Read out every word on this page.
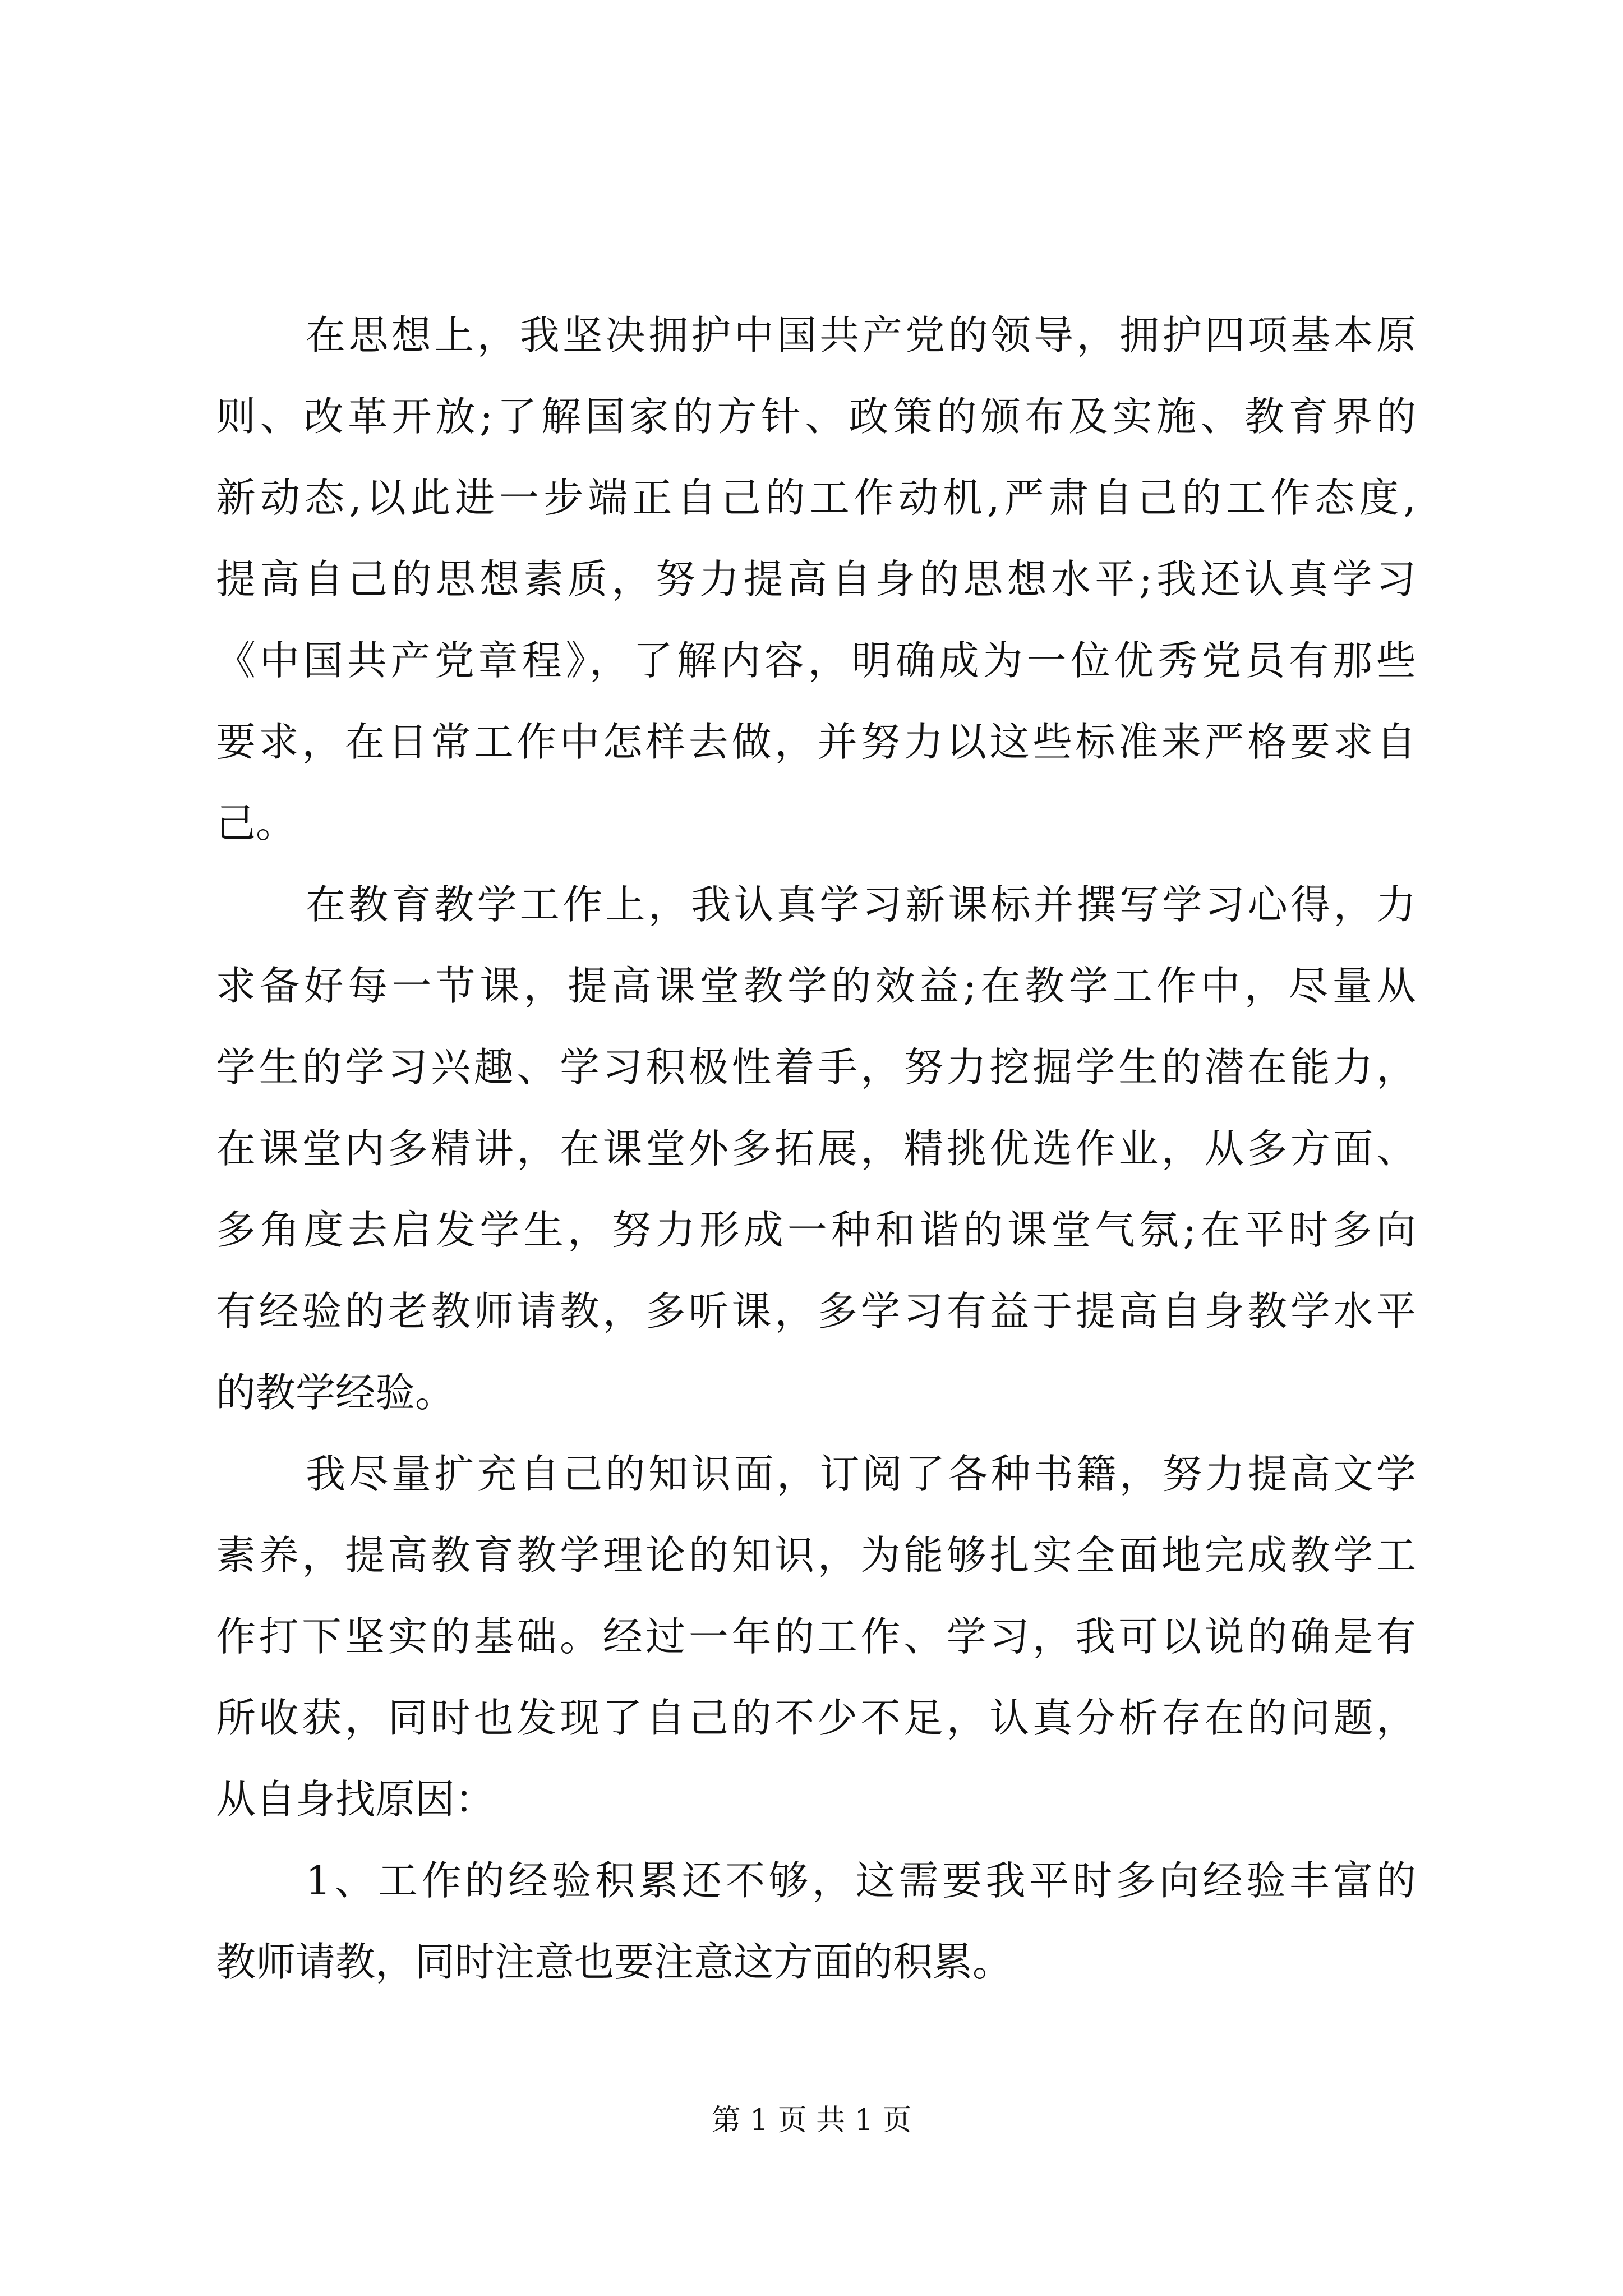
在思想上，我坚决拥护中国共产党的领导，拥护四项基本原
则、改革开放;了解国家的方针、政策的颁布及实施、教育界的
新动态,以此进一步端正自己的工作动机,严肃自己的工作态度,
提高自己的思想素质，努力提高自身的思想水平;我还认真学习
《中国共产党章程》，了解内容，明确成为一位优秀党员有那些
要求，在日常工作中怎样去做，并努力以这些标准来严格要求自
己。
在教育教学工作上，我认真学习新课标并撰写学习心得，力
求备好每一节课，提高课堂教学的效益;在教学工作中，尽量从
学生的学习兴趣、学习积极性着手，努力挖掘学生的潜在能力，
在课堂内多精讲，在课堂外多拓展，精挑优选作业，从多方面、
多角度去启发学生，努力形成一种和谐的课堂气氛;在平时多向
有经验的老教师请教，多听课，多学习有益于提高自身教学水平
的教学经验。
我尽量扩充自己的知识面，订阅了各种书籍，努力提高文学
素养，提高教育教学理论的知识，为能够扎实全面地完成教学工
作打下坚实的基础。经过一年的工作、学习，我可以说的确是有
所收获，同时也发现了自己的不少不足，认真分析存在的问题，
从自身找原因：
1、工作的经验积累还不够，这需要我平时多向经验丰富的
教师请教，同时注意也要注意这方面的积累。
第 1 页 共 1 页
